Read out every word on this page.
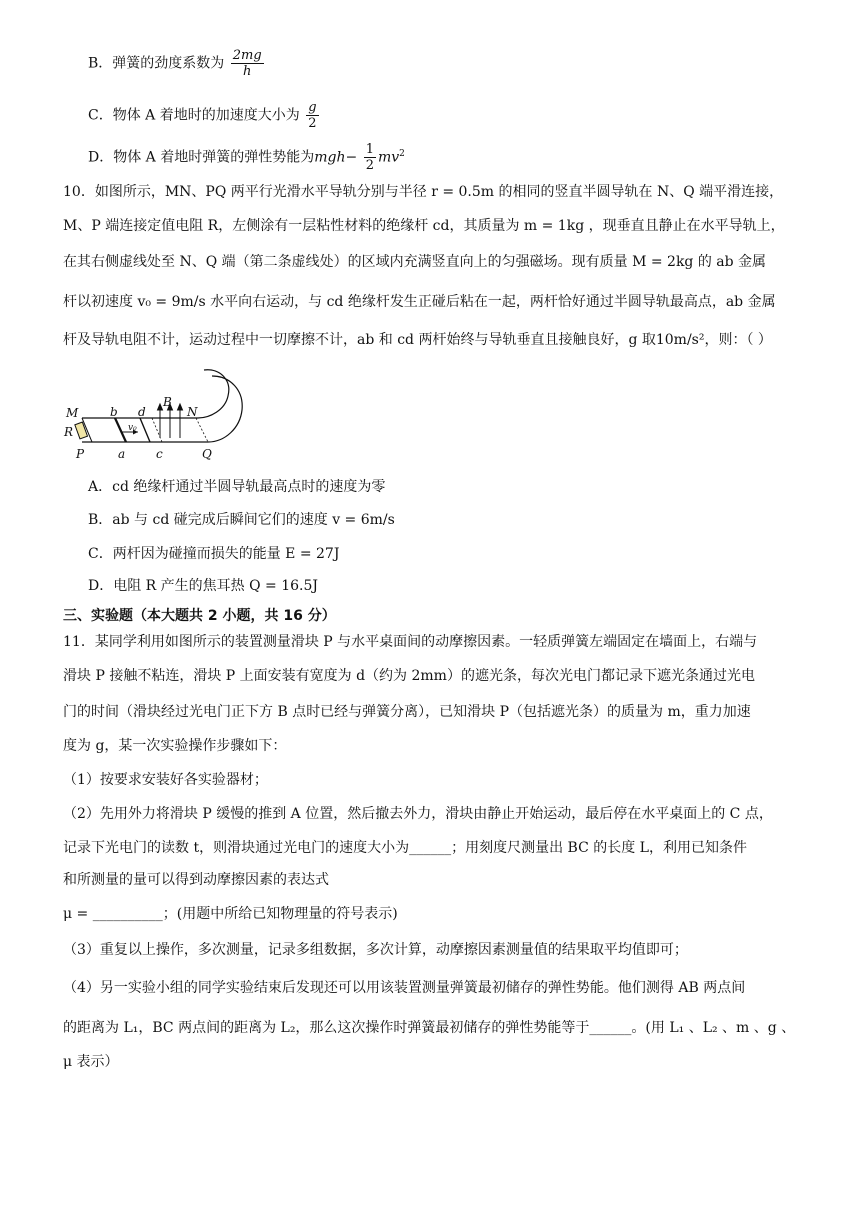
B．弹簧的劲度系数为 $\frac{2mg}{h}$
C．物体 A 着地时的加速度大小为 $\frac{g}{2}$
D．物体 A 着地时弹簧的弹性势能为$mgh- \frac{1}{2} mv^2$
10．如图所示，MN、PQ 两平行光滑水平导轨分别与半径 r = 0.5m 的相同的竖直半圆导轨在 N、Q 端平滑连接，
M、P 端连接定值电阻 R，左侧涂有一层粘性材料的绝缘杆 cd，其质量为 m = 1kg ，现垂直且静止在水平导轨上，
在其右侧虚线处至 N、Q 端（第二条虚线处）的区域内充满竖直向上的匀强磁场。现有质量 M = 2kg 的 ab 金属
杆以初速度 v₀ = 9m/s 水平向右运动，与 cd 绝缘杆发生正碰后粘在一起，两杆恰好通过半圆导轨最高点，ab 金属
杆及导轨电阻不计，运动过程中一切摩擦不计，ab 和 cd 两杆始终与导轨垂直且接触良好，g 取10m/s²，则：（ ）
M	b d
B
N
R	v₀
P	a	c	Q
A．cd 绝缘杆通过半圆导轨最高点时的速度为零
B．ab 与 cd 碰完成后瞬间它们的速度 v = 6m/s
C．两杆因为碰撞而损失的能量 E = 27J
D．电阻 R 产生的焦耳热 Q = 16.5J
三、实验题（本大题共 2 小题，共 16 分）
11．某同学利用如图所示的装置测量滑块 P 与水平桌面间的动摩擦因素。一轻质弹簧左端固定在墙面上，右端与
滑块 P 接触不粘连，滑块 P 上面安装有宽度为 d（约为 2mm）的遮光条，每次光电门都记录下遮光条通过光电
门的时间（滑块经过光电门正下方 B 点时已经与弹簧分离），已知滑块 P（包括遮光条）的质量为 m，重力加速
度为 g，某一次实验操作步骤如下：
（1）按要求安装好各实验器材；
（2）先用外力将滑块 P 缓慢的推到 A 位置，然后撤去外力，滑块由静止开始运动，最后停在水平桌面上的 C 点，
记录下光电门的读数 t，则滑块通过光电门的速度大小为______；用刻度尺测量出 BC 的长度 L，利用已知条件
和所测量的量可以得到动摩擦因素的表达式
μ = __________；(用题中所给已知物理量的符号表示)
（3）重复以上操作，多次测量，记录多组数据，多次计算，动摩擦因素测量值的结果取平均值即可；
（4）另一实验小组的同学实验结束后发现还可以用该装置测量弹簧最初储存的弹性势能。他们测得 AB 两点间
的距离为 L₁，BC 两点间的距离为 L₂，那么这次操作时弹簧最初储存的弹性势能等于______。(用 L₁ 、L₂ 、m 、g 、
μ 表示）
